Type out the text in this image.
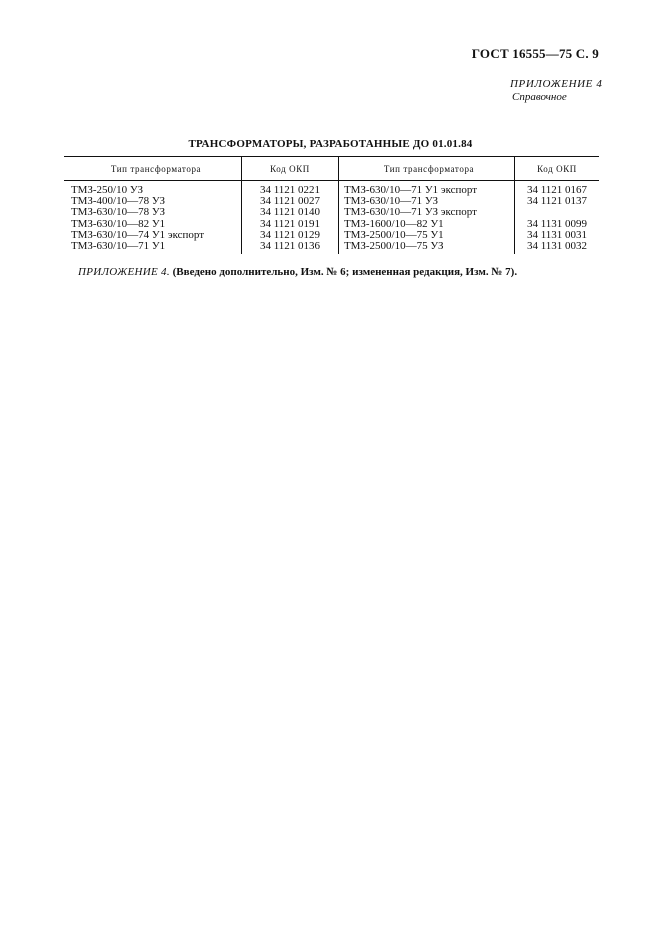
ГОСТ 16555—75 С. 9
ПРИЛОЖЕНИЕ 4
Справочное
ТРАНСФОРМАТОРЫ, РАЗРАБОТАННЫЕ ДО 01.01.84
Тип трансформатора	Код ОКП	Тип трансформатора	Код ОКП
ТМЗ-250/10 УЗ	34 1121 0221	ТМЗ-630/10—71 У1 экспорт	34 1121 0167
ТМЗ-400/10—78 УЗ	34 1121 0027	ТМЗ-630/10—71 УЗ	34 1121 0137
ТМЗ-630/10—78 УЗ	34 1121 0140	ТМЗ-630/10—71 УЗ экспорт	
ТМЗ-630/10—82 У1	34 1121 0191	ТМЗ-1600/10—82 У1	34 1131 0099
ТМЗ-630/10—74 У1 экспорт	34 1121 0129	ТМЗ-2500/10—75 У1	34 1131 0031
ТМЗ-630/10—71 У1	34 1121 0136	ТМЗ-2500/10—75 УЗ	34 1131 0032
ПРИЛОЖЕНИЕ 4. (Введено дополнительно, Изм. № 6; измененная редакция, Изм. № 7).
